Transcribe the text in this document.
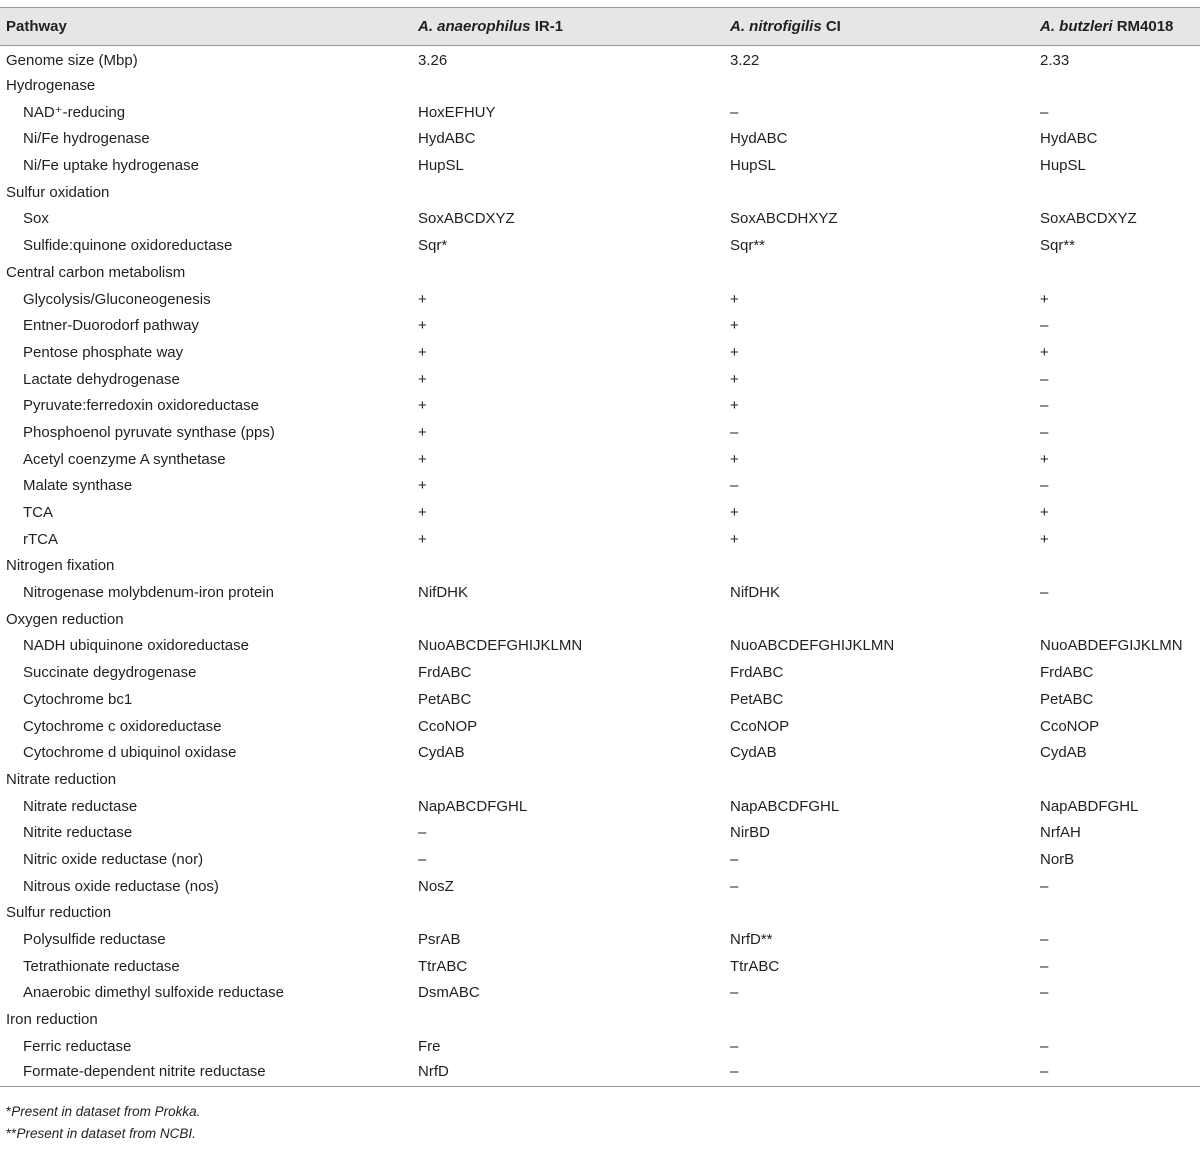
Pathway	A. anaerophilus IR-1	A. nitrofigilis CI	A. butzleri RM4018
Genome size (Mbp)	3.26	3.22	2.33
Hydrogenase			
NAD⁺-reducing	HoxEFHUY	–	–
Ni/Fe hydrogenase	HydABC	HydABC	HydABC
Ni/Fe uptake hydrogenase	HupSL	HupSL	HupSL
Sulfur oxidation			
Sox	SoxABCDXYZ	SoxABCDHXYZ	SoxABCDXYZ
Sulfide:quinone oxidoreductase	Sqr*	Sqr**	Sqr**
Central carbon metabolism			
Glycolysis/Gluconeogenesis	+	+	+
Entner-Duorodorf pathway	+	+	–
Pentose phosphate way	+	+	+
Lactate dehydrogenase	+	+	–
Pyruvate:ferredoxin oxidoreductase	+	+	–
Phosphoenol pyruvate synthase (pps)	+	–	–
Acetyl coenzyme A synthetase	+	+	+
Malate synthase	+	–	–
TCA	+	+	+
rTCA	+	+	+
Nitrogen fixation			
Nitrogenase molybdenum-iron protein	NifDHK	NifDHK	–
Oxygen reduction			
NADH ubiquinone oxidoreductase	NuoABCDEFGHIJKLMN	NuoABCDEFGHIJKLMN	NuoABDEFGIJKLMN
Succinate degydrogenase	FrdABC	FrdABC	FrdABC
Cytochrome bc1	PetABC	PetABC	PetABC
Cytochrome c oxidoreductase	CcoNOP	CcoNOP	CcoNOP
Cytochrome d ubiquinol oxidase	CydAB	CydAB	CydAB
Nitrate reduction			
Nitrate reductase	NapABCDFGHL	NapABCDFGHL	NapABDFGHL
Nitrite reductase	–	NirBD	NrfAH
Nitric oxide reductase (nor)	–	–	NorB
Nitrous oxide reductase (nos)	NosZ	–	–
Sulfur reduction			
Polysulfide reductase	PsrAB	NrfD**	–
Tetrathionate reductase	TtrABC	TtrABC	–
Anaerobic dimethyl sulfoxide reductase	DsmABC	–	–
Iron reduction			
Ferric reductase	Fre	–	–
Formate-dependent nitrite reductase	NrfD	–	–
*Present in dataset from Prokka.
**Present in dataset from NCBI.
